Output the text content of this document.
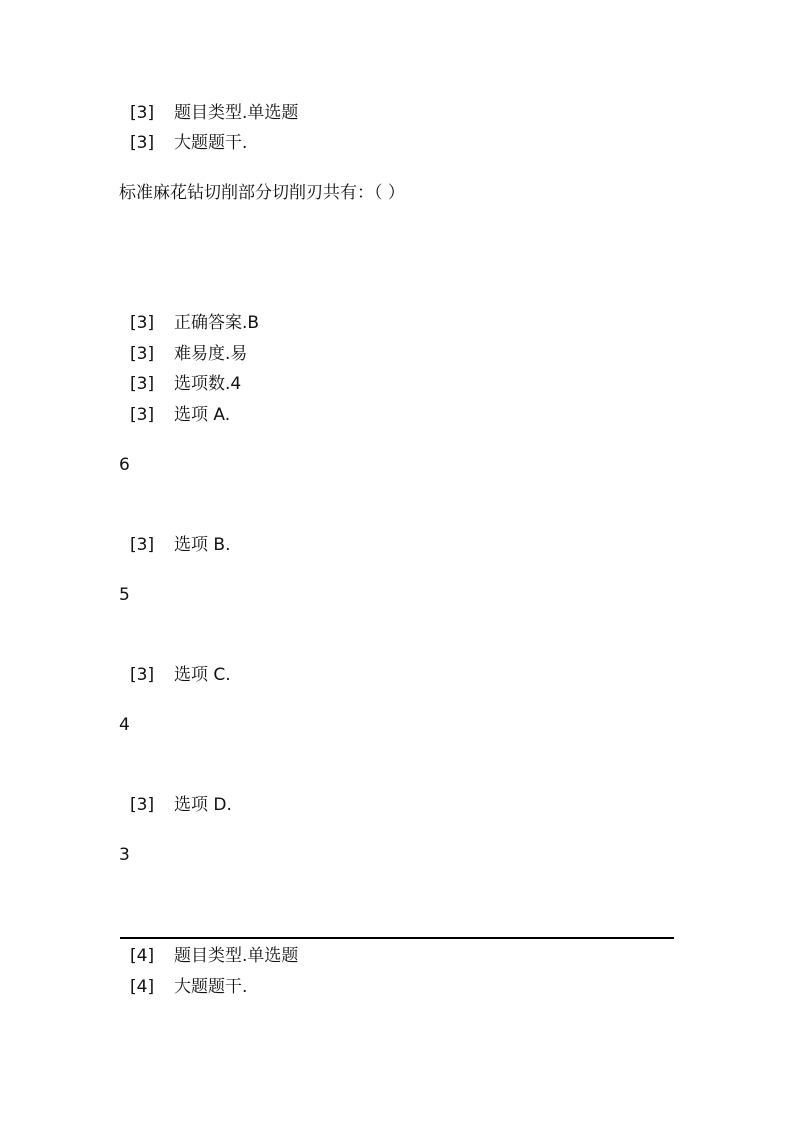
[3] 题目类型.单选题
[3] 大题题干.
标准麻花钻切削部分切削刃共有：（ ）
[3] 正确答案.B
[3] 难易度.易
[3] 选项数.4
[3] 选项 A.
6
[3] 选项 B.
5
[3] 选项 C.
4
[3] 选项 D.
3
[4] 题目类型.单选题
[4] 大题题干.
